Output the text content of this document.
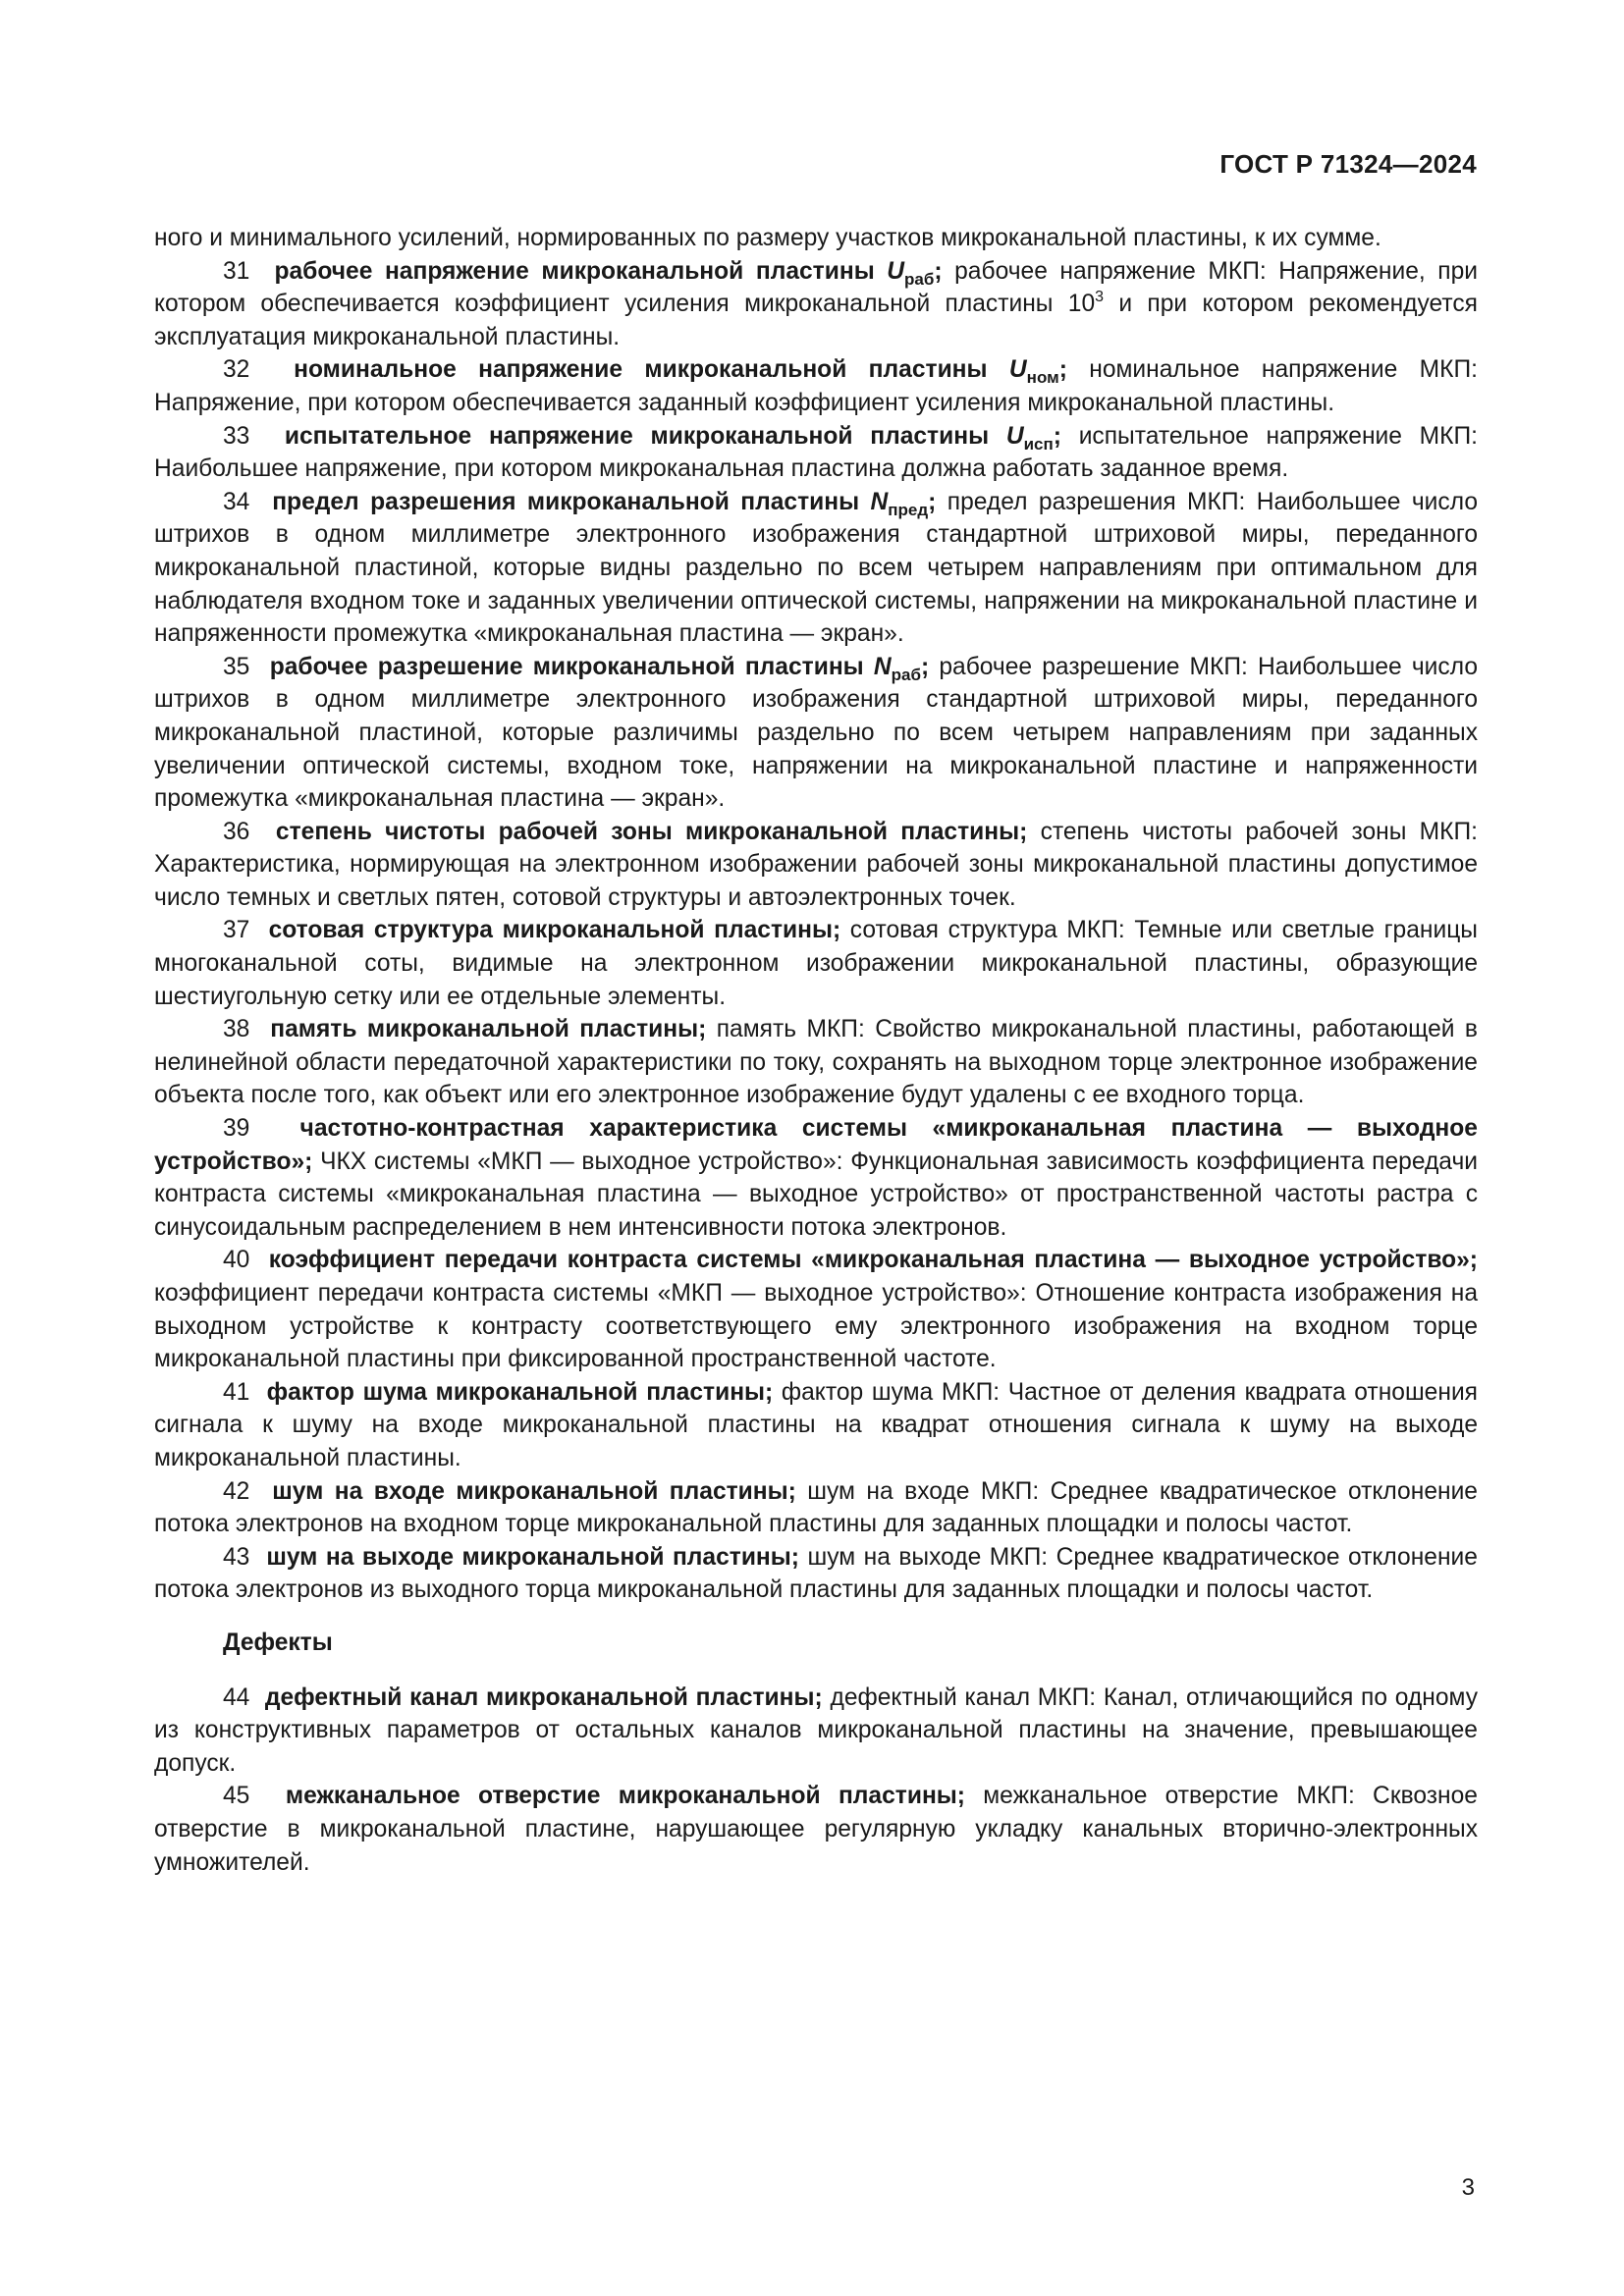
ГОСТ Р 71324—2024

ного и минимального усилений, нормированных по размеру участков микроканальной пластины, к их сумме.

31 рабочее напряжение микроканальной пластины $U_{раб}$; рабочее напряжение МКП: Напряжение, при котором обеспечивается коэффициент усиления микроканальной пластины $10^3$ и при котором рекомендуется эксплуатация микроканальной пластины.

32 номинальное напряжение микроканальной пластины $U_{ном}$; номинальное напряжение МКП: Напряжение, при котором обеспечивается заданный коэффициент усиления микроканальной пластины.

33 испытательное напряжение микроканальной пластины $U_{исп}$; испытательное напряжение МКП: Наибольшее напряжение, при котором микроканальная пластина должна работать заданное время.

34 предел разрешения микроканальной пластины $N_{пред}$; предел разрешения МКП: Наибольшее число штрихов в одном миллиметре электронного изображения стандартной штриховой миры, переданного микроканальной пластиной, которые видны раздельно по всем четырем направлениям при оптимальном для наблюдателя входном токе и заданных увеличении оптической системы, напряжении на микроканальной пластине и напряженности промежутка «микроканальная пластина — экран».

35 рабочее разрешение микроканальной пластины $N_{раб}$; рабочее разрешение МКП: Наибольшее число штрихов в одном миллиметре электронного изображения стандартной штриховой миры, переданного микроканальной пластиной, которые различимы раздельно по всем четырем направлениям при заданных увеличении оптической системы, входном токе, напряжении на микроканальной пластине и напряженности промежутка «микроканальная пластина — экран».

36 степень чистоты рабочей зоны микроканальной пластины; степень чистоты рабочей зоны МКП: Характеристика, нормирующая на электронном изображении рабочей зоны микроканальной пластины допустимое число темных и светлых пятен, сотовой структуры и автоэлектронных точек.

37 сотовая структура микроканальной пластины; сотовая структура МКП: Темные или светлые границы многоканальной соты, видимые на электронном изображении микроканальной пластины, образующие шестиугольную сетку или ее отдельные элементы.

38 память микроканальной пластины; память МКП: Свойство микроканальной пластины, работающей в нелинейной области передаточной характеристики по току, сохранять на выходном торце электронное изображение объекта после того, как объект или его электронное изображение будут удалены с ее входного торца.

39 частотно-контрастная характеристика системы «микроканальная пластина — выходное устройство»; ЧКХ системы «МКП — выходное устройство»: Функциональная зависимость коэффициента передачи контраста системы «микроканальная пластина — выходное устройство» от пространственной частоты растра с синусоидальным распределением в нем интенсивности потока электронов.

40 коэффициент передачи контраста системы «микроканальная пластина — выходное устройство»; коэффициент передачи контраста системы «МКП — выходное устройство»: Отношение контраста изображения на выходном устройстве к контрасту соответствующего ему электронного изображения на входном торце микроканальной пластины при фиксированной пространственной частоте.

41 фактор шума микроканальной пластины; фактор шума МКП: Частное от деления квадрата отношения сигнала к шуму на входе микроканальной пластины на квадрат отношения сигнала к шуму на выходе микроканальной пластины.

42 шум на входе микроканальной пластины; шум на входе МКП: Среднее квадратическое отклонение потока электронов на входном торце микроканальной пластины для заданных площадки и полосы частот.

43 шум на выходе микроканальной пластины; шум на выходе МКП: Среднее квадратическое отклонение потока электронов из выходного торца микроканальной пластины для заданных площадки и полосы частот.

Дефекты

44 дефектный канал микроканальной пластины; дефектный канал МКП: Канал, отличающийся по одному из конструктивных параметров от остальных каналов микроканальной пластины на значение, превышающее допуск.

45 межканальное отверстие микроканальной пластины; межканальное отверстие МКП: Сквозное отверстие в микроканальной пластине, нарушающее регулярную укладку канальных вторично-электронных умножителей.

3
